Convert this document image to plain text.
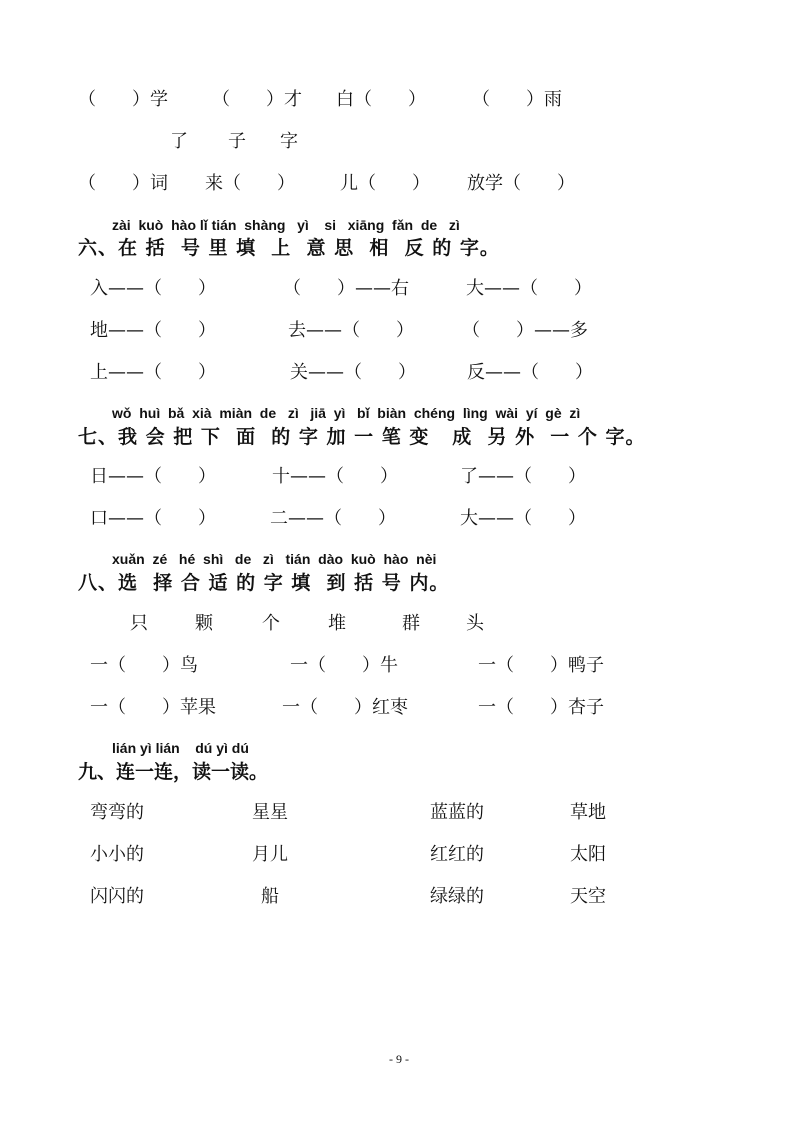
（　　）学 （　　）才 白（　　）	（　　）雨
了 子 字
（　　）词 来（　　）	儿（　　） 放学（　　）
zài  kuò  hào lǐ tián  shàng   yì    si   xiāng  fǎn  de   zì
六、在 括  号 里 填  上  意 思  相  反 的 字。
入——（　　）	（　　）——右	大——（　　）
地——（　　）	去——（　　）	（　　）——多
上——（　　）	关——（　　）	反——（　　）
wǒ  huì  bǎ  xià  miàn  de   zì   jiā  yì   bǐ  biàn  chéng  lìng  wài  yí  gè  zì
七、我 会 把 下  面  的 字 加 一 笔 变   成  另 外  一 个 字。
日——（　　）	十——（　　）	了——（　　）
口——（　　）	二——（　　）	大——（　　）
xuǎn  zé   hé  shì   de   zì   tián  dào  kuò  hào  nèi
八、选  择 合 适 的 字 填  到 括 号 内。
只	颗	个	堆	群	头
一（　　）鸟	一（　　）牛	一（　　）鸭子
一（　　）苹果	一（　　）红枣	一（　　）杏子
lián yì lián    dú yì dú
九、连一连，读一读。
弯弯的	星星	蓝蓝的	草地
小小的	月儿	红红的	太阳
闪闪的	船	绿绿的	天空
- 9 -
